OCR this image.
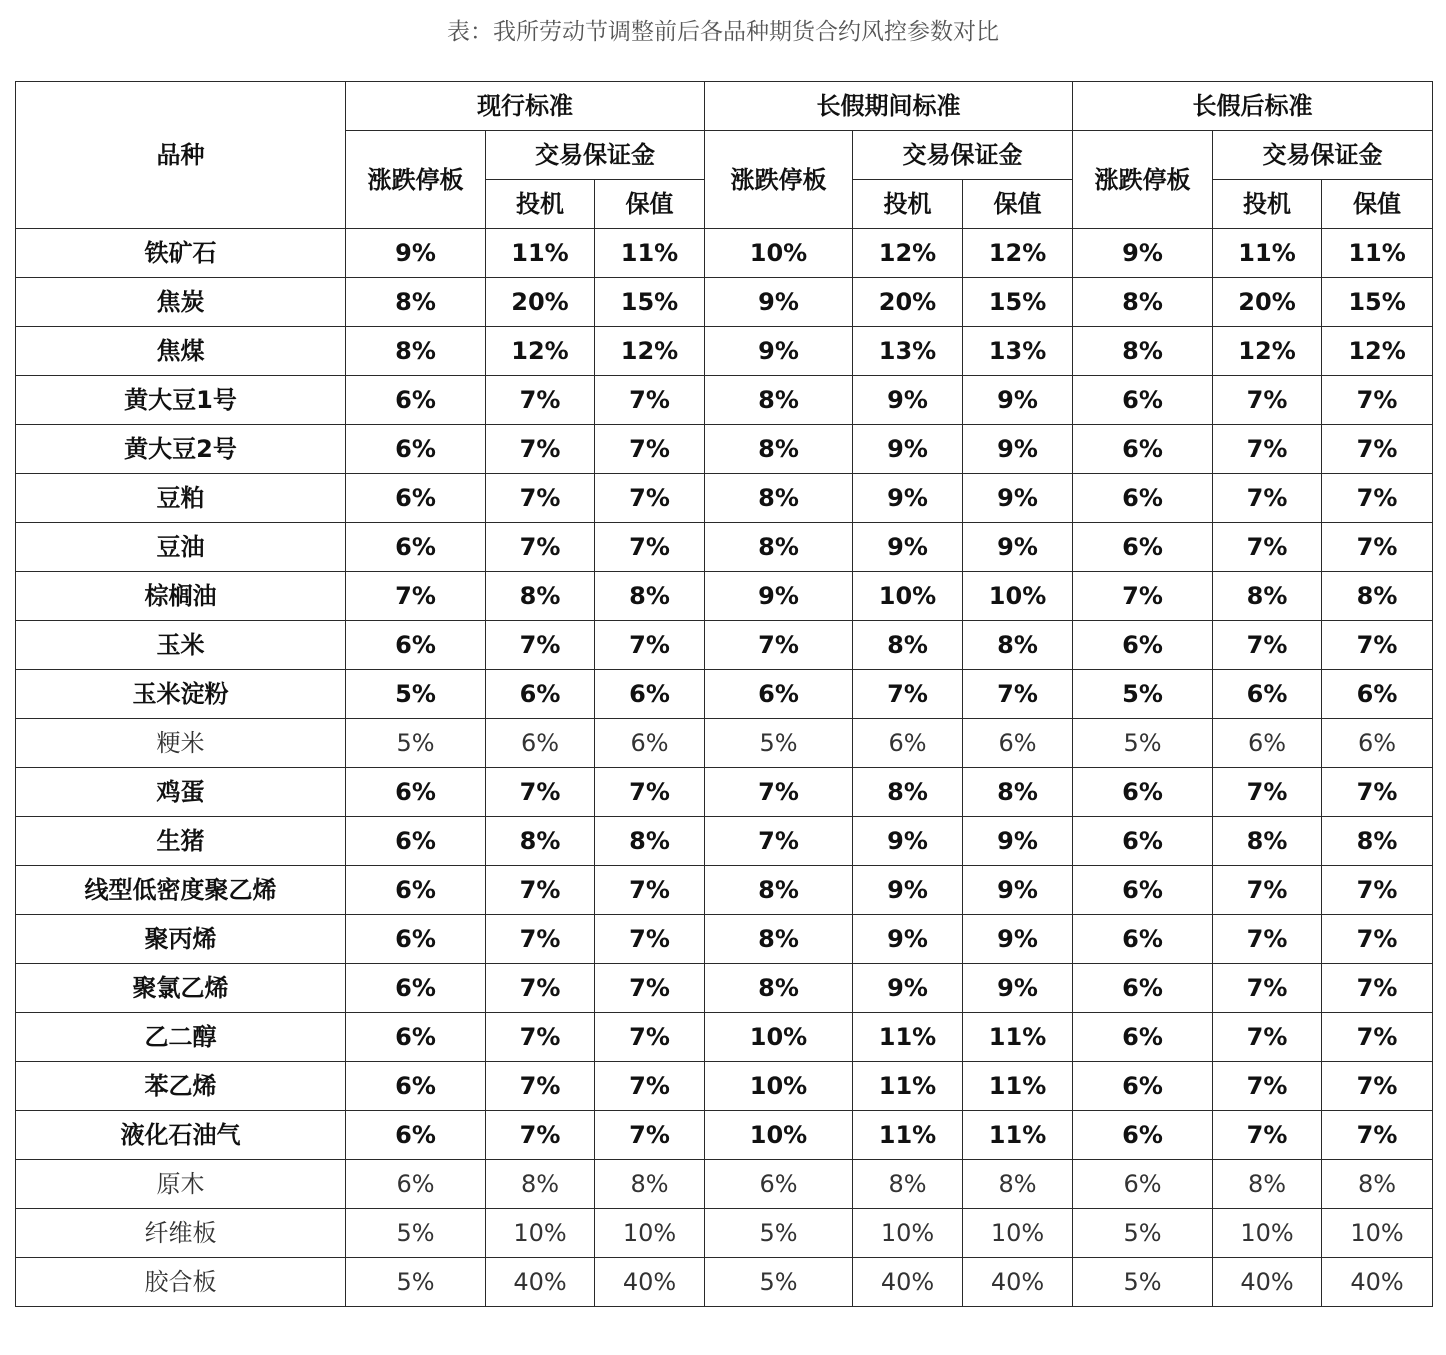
表：我所劳动节调整前后各品种期货合约风控参数对比
品种	现行标准			长假期间标准			长假后标准		
	涨跌停板	交易保证金		涨跌停板	交易保证金		涨跌停板	交易保证金	
		投机	保值		投机	保值		投机	保值
铁矿石	9%	11%	11%	10%	12%	12%	9%	11%	11%
焦炭	8%	20%	15%	9%	20%	15%	8%	20%	15%
焦煤	8%	12%	12%	9%	13%	13%	8%	12%	12%
黄大豆1号	6%	7%	7%	8%	9%	9%	6%	7%	7%
黄大豆2号	6%	7%	7%	8%	9%	9%	6%	7%	7%
豆粕	6%	7%	7%	8%	9%	9%	6%	7%	7%
豆油	6%	7%	7%	8%	9%	9%	6%	7%	7%
棕榈油	7%	8%	8%	9%	10%	10%	7%	8%	8%
玉米	6%	7%	7%	7%	8%	8%	6%	7%	7%
玉米淀粉	5%	6%	6%	6%	7%	7%	5%	6%	6%
粳米	5%	6%	6%	5%	6%	6%	5%	6%	6%
鸡蛋	6%	7%	7%	7%	8%	8%	6%	7%	7%
生猪	6%	8%	8%	7%	9%	9%	6%	8%	8%
线型低密度聚乙烯	6%	7%	7%	8%	9%	9%	6%	7%	7%
聚丙烯	6%	7%	7%	8%	9%	9%	6%	7%	7%
聚氯乙烯	6%	7%	7%	8%	9%	9%	6%	7%	7%
乙二醇	6%	7%	7%	10%	11%	11%	6%	7%	7%
苯乙烯	6%	7%	7%	10%	11%	11%	6%	7%	7%
液化石油气	6%	7%	7%	10%	11%	11%	6%	7%	7%
原木	6%	8%	8%	6%	8%	8%	6%	8%	8%
纤维板	5%	10%	10%	5%	10%	10%	5%	10%	10%
胶合板	5%	40%	40%	5%	40%	40%	5%	40%	40%
